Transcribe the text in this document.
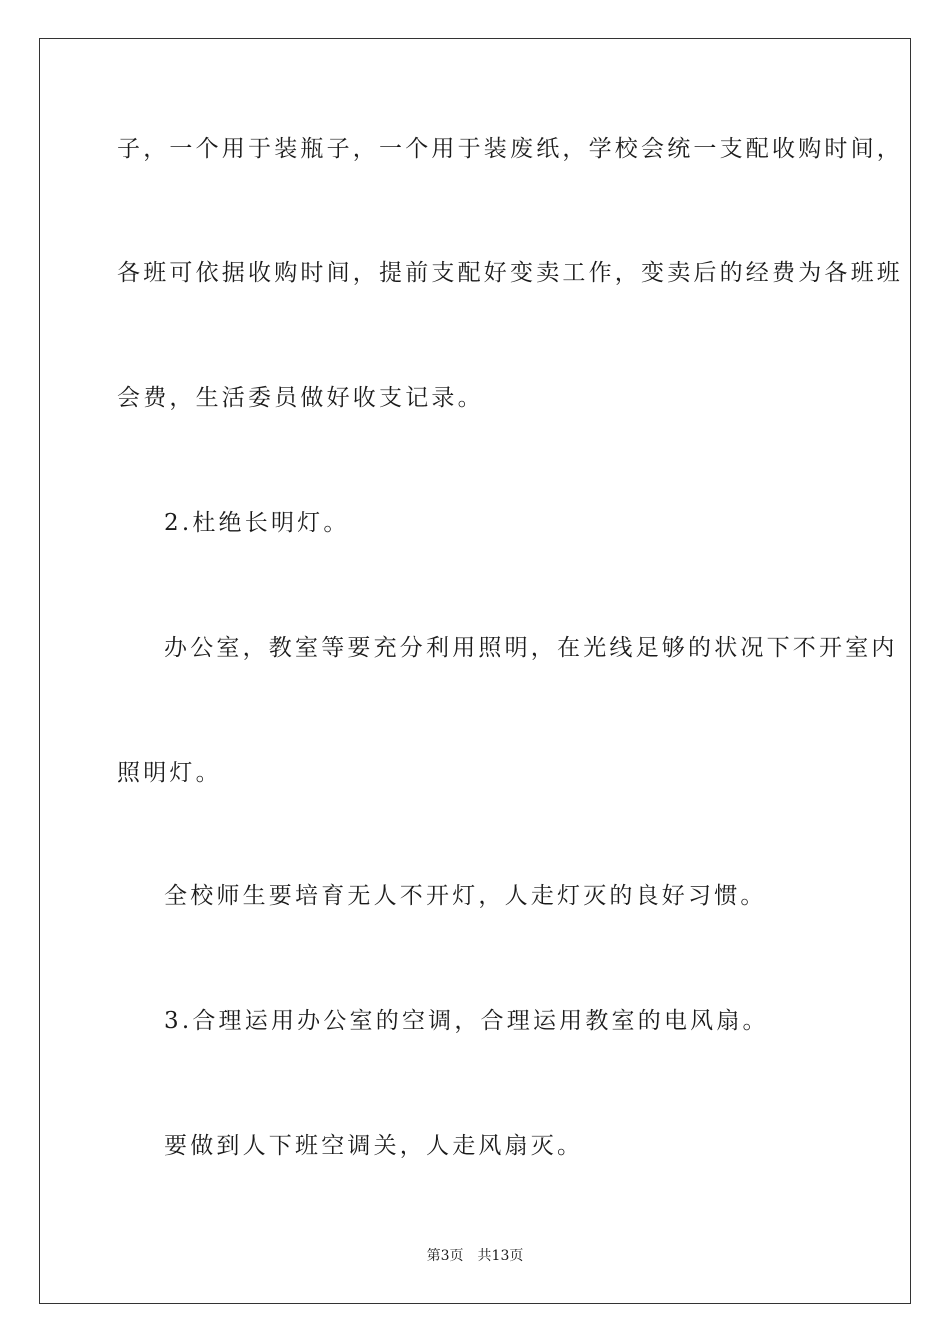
子，一个用于装瓶子，一个用于装废纸，学校会统一支配收购时间，

各班可依据收购时间，提前支配好变卖工作，变卖后的经费为各班班

会费，生活委员做好收支记录。

2.杜绝长明灯。

办公室，教室等要充分利用照明，在光线足够的状况下不开室内

照明灯。

全校师生要培育无人不开灯，人走灯灭的良好习惯。

3.合理运用办公室的空调，合理运用教室的电风扇。

要做到人下班空调关，人走风扇灭。

第3页 共13页
